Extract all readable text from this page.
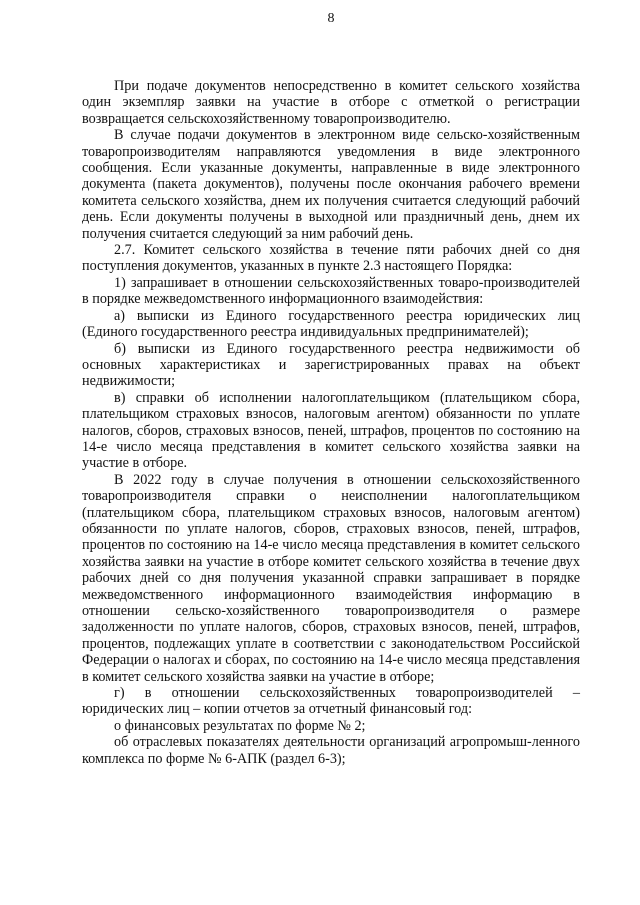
8

При подаче документов непосредственно в комитет сельского хозяйства один экземпляр заявки на участие в отборе с отметкой о регистрации возвращается сельскохозяйственному товаропроизводителю.

В случае подачи документов в электронном виде сельско-хозяйственным товаропроизводителям направляются уведомления в виде электронного сообщения. Если указанные документы, направленные в виде электронного документа (пакета документов), получены после окончания рабочего времени комитета сельского хозяйства, днем их получения считается следующий рабочий день. Если документы получены в выходной или праздничный день, днем их получения считается следующий за ним рабочий день.

2.7. Комитет сельского хозяйства в течение пяти рабочих дней со дня поступления документов, указанных в пункте 2.3 настоящего Порядка:

1) запрашивает в отношении сельскохозяйственных товаро-производителей в порядке межведомственного информационного взаимодействия:

а) выписки из Единого государственного реестра юридических лиц (Единого государственного реестра индивидуальных предпринимателей);

б) выписки из Единого государственного реестра недвижимости об основных характеристиках и зарегистрированных правах на объект недвижимости;

в) справки об исполнении налогоплательщиком (плательщиком сбора, плательщиком страховых взносов, налоговым агентом) обязанности по уплате налогов, сборов, страховых взносов, пеней, штрафов, процентов по состоянию на 14-е число месяца представления в комитет сельского хозяйства заявки на участие в отборе.

В 2022 году в случае получения в отношении сельскохозяйственного товаропроизводителя справки о неисполнении налогоплательщиком (плательщиком сбора, плательщиком страховых взносов, налоговым агентом) обязанности по уплате налогов, сборов, страховых взносов, пеней, штрафов, процентов по состоянию на 14-е число месяца представления в комитет сельского хозяйства заявки на участие в отборе комитет сельского хозяйства в течение двух рабочих дней со дня получения указанной справки запрашивает в порядке межведомственного информационного взаимодействия информацию в отношении сельско-хозяйственного товаропроизводителя о размере задолженности по уплате налогов, сборов, страховых взносов, пеней, штрафов, процентов, подлежащих уплате в соответствии с законодательством Российской Федерации о налогах и сборах, по состоянию на 14-е число месяца представления в комитет сельского хозяйства заявки на участие в отборе;

г) в отношении сельскохозяйственных товаропроизводителей – юридических лиц – копии отчетов за отчетный финансовый год:

о финансовых результатах по форме № 2;

об отраслевых показателях деятельности организаций агропромыш-ленного комплекса по форме № 6-АПК (раздел 6-3);
